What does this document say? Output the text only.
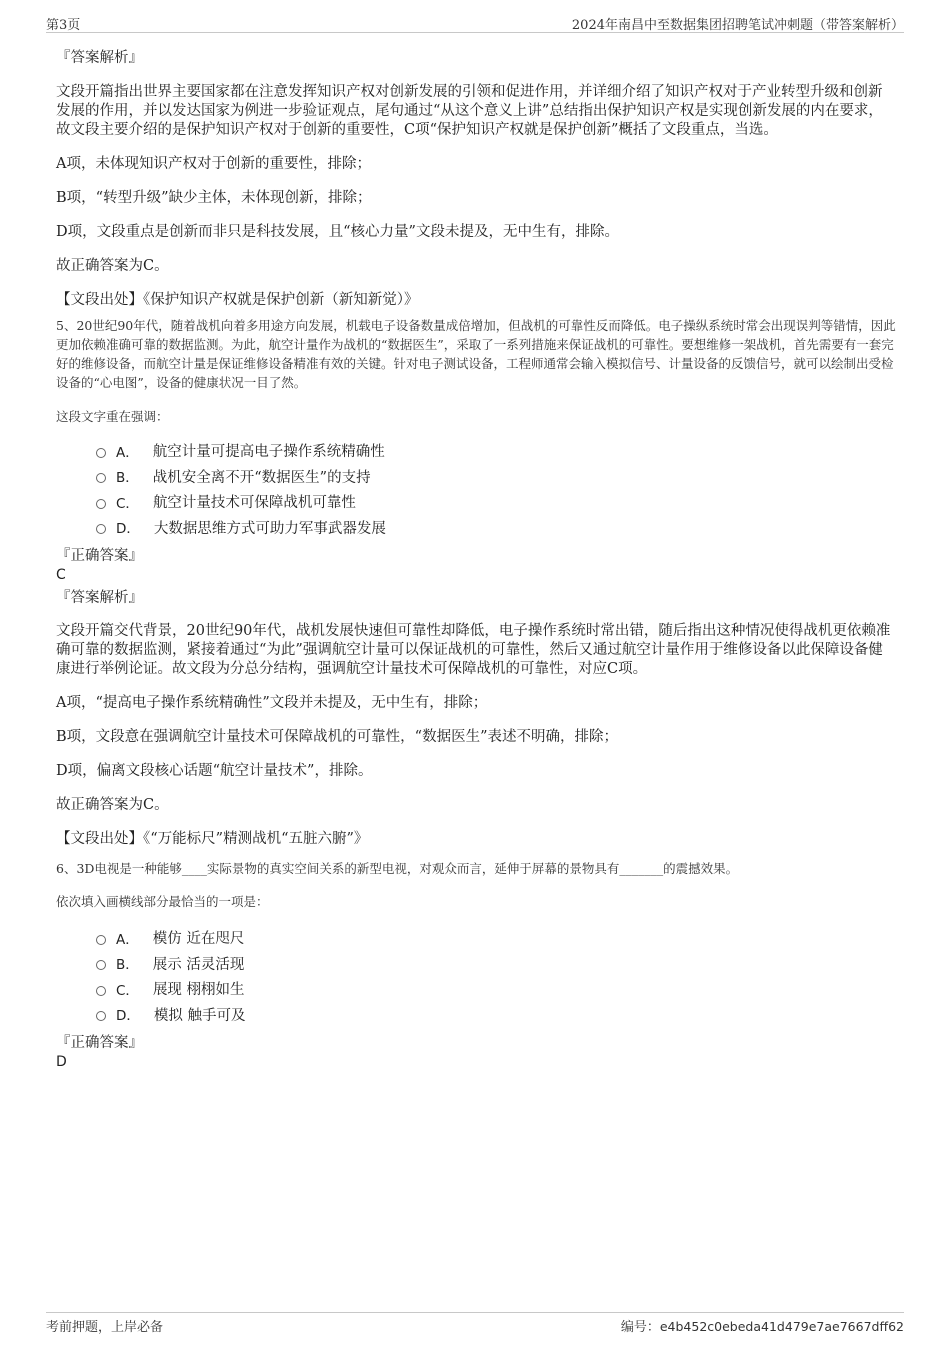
第3页	2024年南昌中至数据集团招聘笔试冲刺题（带答案解析）

『答案解析』

文段开篇指出世界主要国家都在注意发挥知识产权对创新发展的引领和促进作用，并详细介绍了知识产权对于产业转型升级和创新发展的作用，并以发达国家为例进一步验证观点，尾句通过“从这个意义上讲”总结指出保护知识产权是实现创新发展的内在要求，故文段主要介绍的是保护知识产权对于创新的重要性，C项“保护知识产权就是保护创新”概括了文段重点，当选。

A项，未体现知识产权对于创新的重要性，排除；

B项，“转型升级”缺少主体，未体现创新，排除；

D项，文段重点是创新而非只是科技发展，且“核心力量”文段未提及，无中生有，排除。

故正确答案为C。

【文段出处】《保护知识产权就是保护创新（新知新觉）》

5、20世纪90年代，随着战机向着多用途方向发展，机载电子设备数量成倍增加，但战机的可靠性反而降低。电子操纵系统时常会出现误判等错情，因此更加依赖准确可靠的数据监测。为此，航空计量作为战机的“数据医生”，采取了一系列措施来保证战机的可靠性。要想维修一架战机，首先需要有一套完好的维修设备，而航空计量是保证维修设备精准有效的关键。针对电子测试设备，工程师通常会输入模拟信号、计量设备的反馈信号，就可以绘制出受检设备的“心电图”，设备的健康状况一目了然。

这段文字重在强调：

A． 航空计量可提高电子操作系统精确性
B． 战机安全离不开“数据医生”的支持
C． 航空计量技术可保障战机可靠性
D． 大数据思维方式可助力军事武器发展

『正确答案』

C

『答案解析』

文段开篇交代背景，20世纪90年代，战机发展快速但可靠性却降低，电子操作系统时常出错，随后指出这种情况使得战机更依赖准确可靠的数据监测，紧接着通过“为此”强调航空计量可以保证战机的可靠性，然后又通过航空计量作用于维修设备以此保障设备健康进行举例论证。故文段为分总分结构，强调航空计量技术可保障战机的可靠性，对应C项。

A项，“提高电子操作系统精确性”文段并未提及，无中生有，排除；

B项，文段意在强调航空计量技术可保障战机的可靠性，“数据医生”表述不明确，排除；

D项，偏离文段核心话题“航空计量技术”，排除。

故正确答案为C。

【文段出处】《“万能标尺”精测战机“五脏六腑”》

6、3D电视是一种能够____实际景物的真实空间关系的新型电视，对观众而言，延伸于屏幕的景物具有_______的震撼效果。

依次填入画横线部分最恰当的一项是：

A． 模仿 近在咫尺
B． 展示 活灵活现
C． 展现 栩栩如生
D． 模拟 触手可及

『正确答案』

D

考前押题，上岸必备	编号：e4b452c0ebeda41d479e7ae7667dff62
